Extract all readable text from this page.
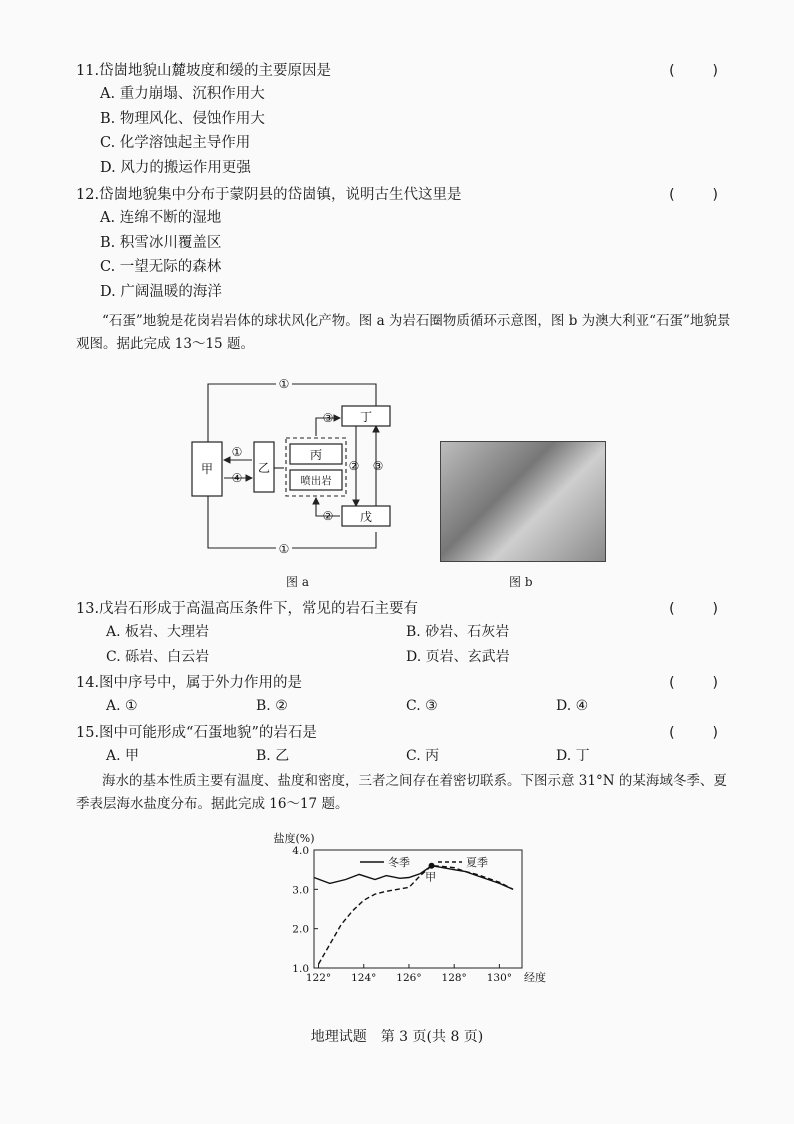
11.岱崮地貌山麓坡度和缓的主要原因是	(　)
A. 重力崩塌、沉积作用大
B. 物理风化、侵蚀作用大
C. 化学溶蚀起主导作用
D. 风力的搬运作用更强
12.岱崮地貌集中分布于蒙阴县的岱崮镇，说明古生代这里是	(　)
A. 连绵不断的湿地
B. 积雪冰川覆盖区
C. 一望无际的森林
D. 广阔温暖的海洋
“石蛋”地貌是花岗岩岩体的球状风化产物。图 a 为岩石圈物质循环示意图，图 b 为澳大利亚“石蛋”地貌景观图。据此完成 13～15 题。
甲	乙
丙
喷出岩
丁
戊
①
①
①
④
③
②
② ③
图 a	图 b
13.戊岩石形成于高温高压条件下，常见的岩石主要有	(　)
A. 板岩、大理岩	B. 砂岩、石灰岩
C. 砾岩、白云岩	D. 页岩、玄武岩
14.图中序号中，属于外力作用的是	(　)
A. ①	B. ②	C. ③	D. ④
15.图中可能形成“石蛋地貌”的岩石是	(　)
A. 甲	B. 乙	C. 丙	D. 丁
海水的基本性质主要有温度、盐度和密度，三者之间存在着密切联系。下图示意 31°N 的某海域冬季、夏季表层海水盐度分布。据此完成 16～17 题。
1.0
2.0
3.0
4.0
122° 124° 126° 128° 130°
盐度(%)
经度
冬季	夏季
甲
地理试题　第 3 页(共 8 页)
